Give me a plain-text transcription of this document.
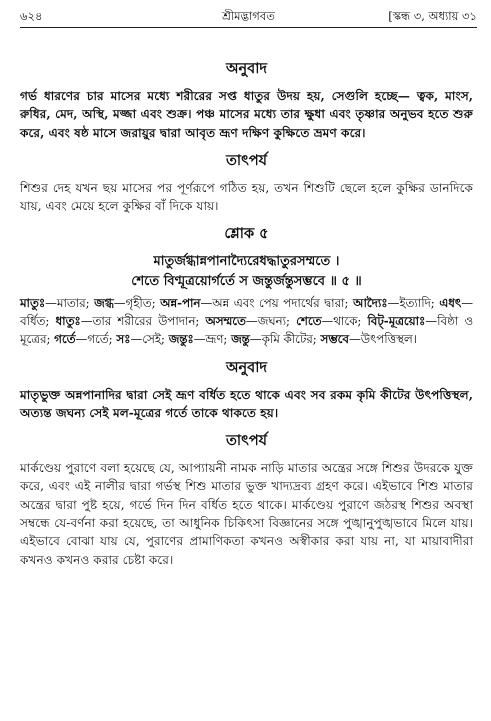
৬২৪	শ্রীমদ্ভাগবত	[স্কন্ধ ৩, অধ্যায় ৩১
অনুবাদ

গর্ভ ধারণের চার মাসের মধ্যে শরীরের সপ্ত ধাতুর উদয় হয়, সেগুলি হচ্ছে— ত্বক, মাংস, রুধির, মেদ, অস্থি, মজ্জা এবং শুক্র। পঞ্চ মাসের মধ্যে তার ক্ষুধা এবং তৃষ্ণার অনুভব হতে শুরু করে, এবং ষষ্ঠ মাসে জরায়ুর দ্বারা আবৃত ভ্রূণ দক্ষিণ কুক্ষিতে ভ্রমণ করে।

তাৎপর্য

শিশুর দেহ যখন ছয় মাসের পর পূর্ণরূপে গঠিত হয়, তখন শিশুটি ছেলে হলে কুক্ষির ডানদিকে যায়, এবং মেয়ে হলে কুক্ষির বাঁ দিকে যায়।

শ্লোক ৫

মাতুর্জগ্ধান্নপানাদ্যৈরেধদ্ধাতুরসম্মতে ।

শেতে বিণ্মূত্রয়োর্গর্তে স জন্তুর্জন্তুসম্ভবে ॥ ৫ ॥

মাতুঃ—মাতার; জগ্ধ—গৃহীত; অন্ন-পান—অন্ন এবং পেয় পদার্থের দ্বারা; আদ্যৈঃ—ইত্যাদি; এধৎ—বর্ধিত; ধাতুঃ—তার শরীরের উপাদান; অসম্মতে—জঘন্য; শেতে—থাকে; বিট্‌-মূত্রয়োঃ—বিষ্ঠা ও মূত্রের; গর্তে—গর্তে; সঃ—সেই; জন্তুঃ—ভ্রূণ; জন্তু—কৃমি কীটের; সম্ভবে—উৎপত্তিস্থল।

অনুবাদ

মাতৃভুক্ত অন্নপানাদির দ্বারা সেই ভ্রূণ বর্ধিত হতে থাকে এবং সব রকম কৃমি কীটের উৎপত্তিস্থল, অত্যন্ত জঘন্য সেই মল-মূত্রের গর্তে তাকে থাকতে হয়।

তাৎপর্য

মার্কণ্ডেয় পুরাণে বলা হয়েছে যে, আপ্যায়নী নামক নাড়ি মাতার অন্ত্রের সঙ্গে শিশুর উদরকে যুক্ত করে, এবং এই নালীর দ্বারা গর্ভস্থ শিশু মাতার ভুক্ত খাদ্যদ্রব্য গ্রহণ করে। এইভাবে শিশু মাতার অন্ত্রের দ্বারা পুষ্ট হয়ে, গর্ভে দিন দিন বর্ধিত হতে থাকে। মার্কণ্ডেয় পুরাণে জঠরস্থ শিশুর অবস্থা সম্বন্ধে যে-বর্ণনা করা হয়েছে, তা আধুনিক চিকিৎসা বিজ্ঞানের সঙ্গে পুঙ্খানুপুঙ্খভাবে মিলে যায়। এইভাবে বোঝা যায় যে, পুরাণের প্রামাণিকতা কখনও অস্বীকার করা যায় না, যা মায়াবাদীরা কখনও কখনও করার চেষ্টা করে।
